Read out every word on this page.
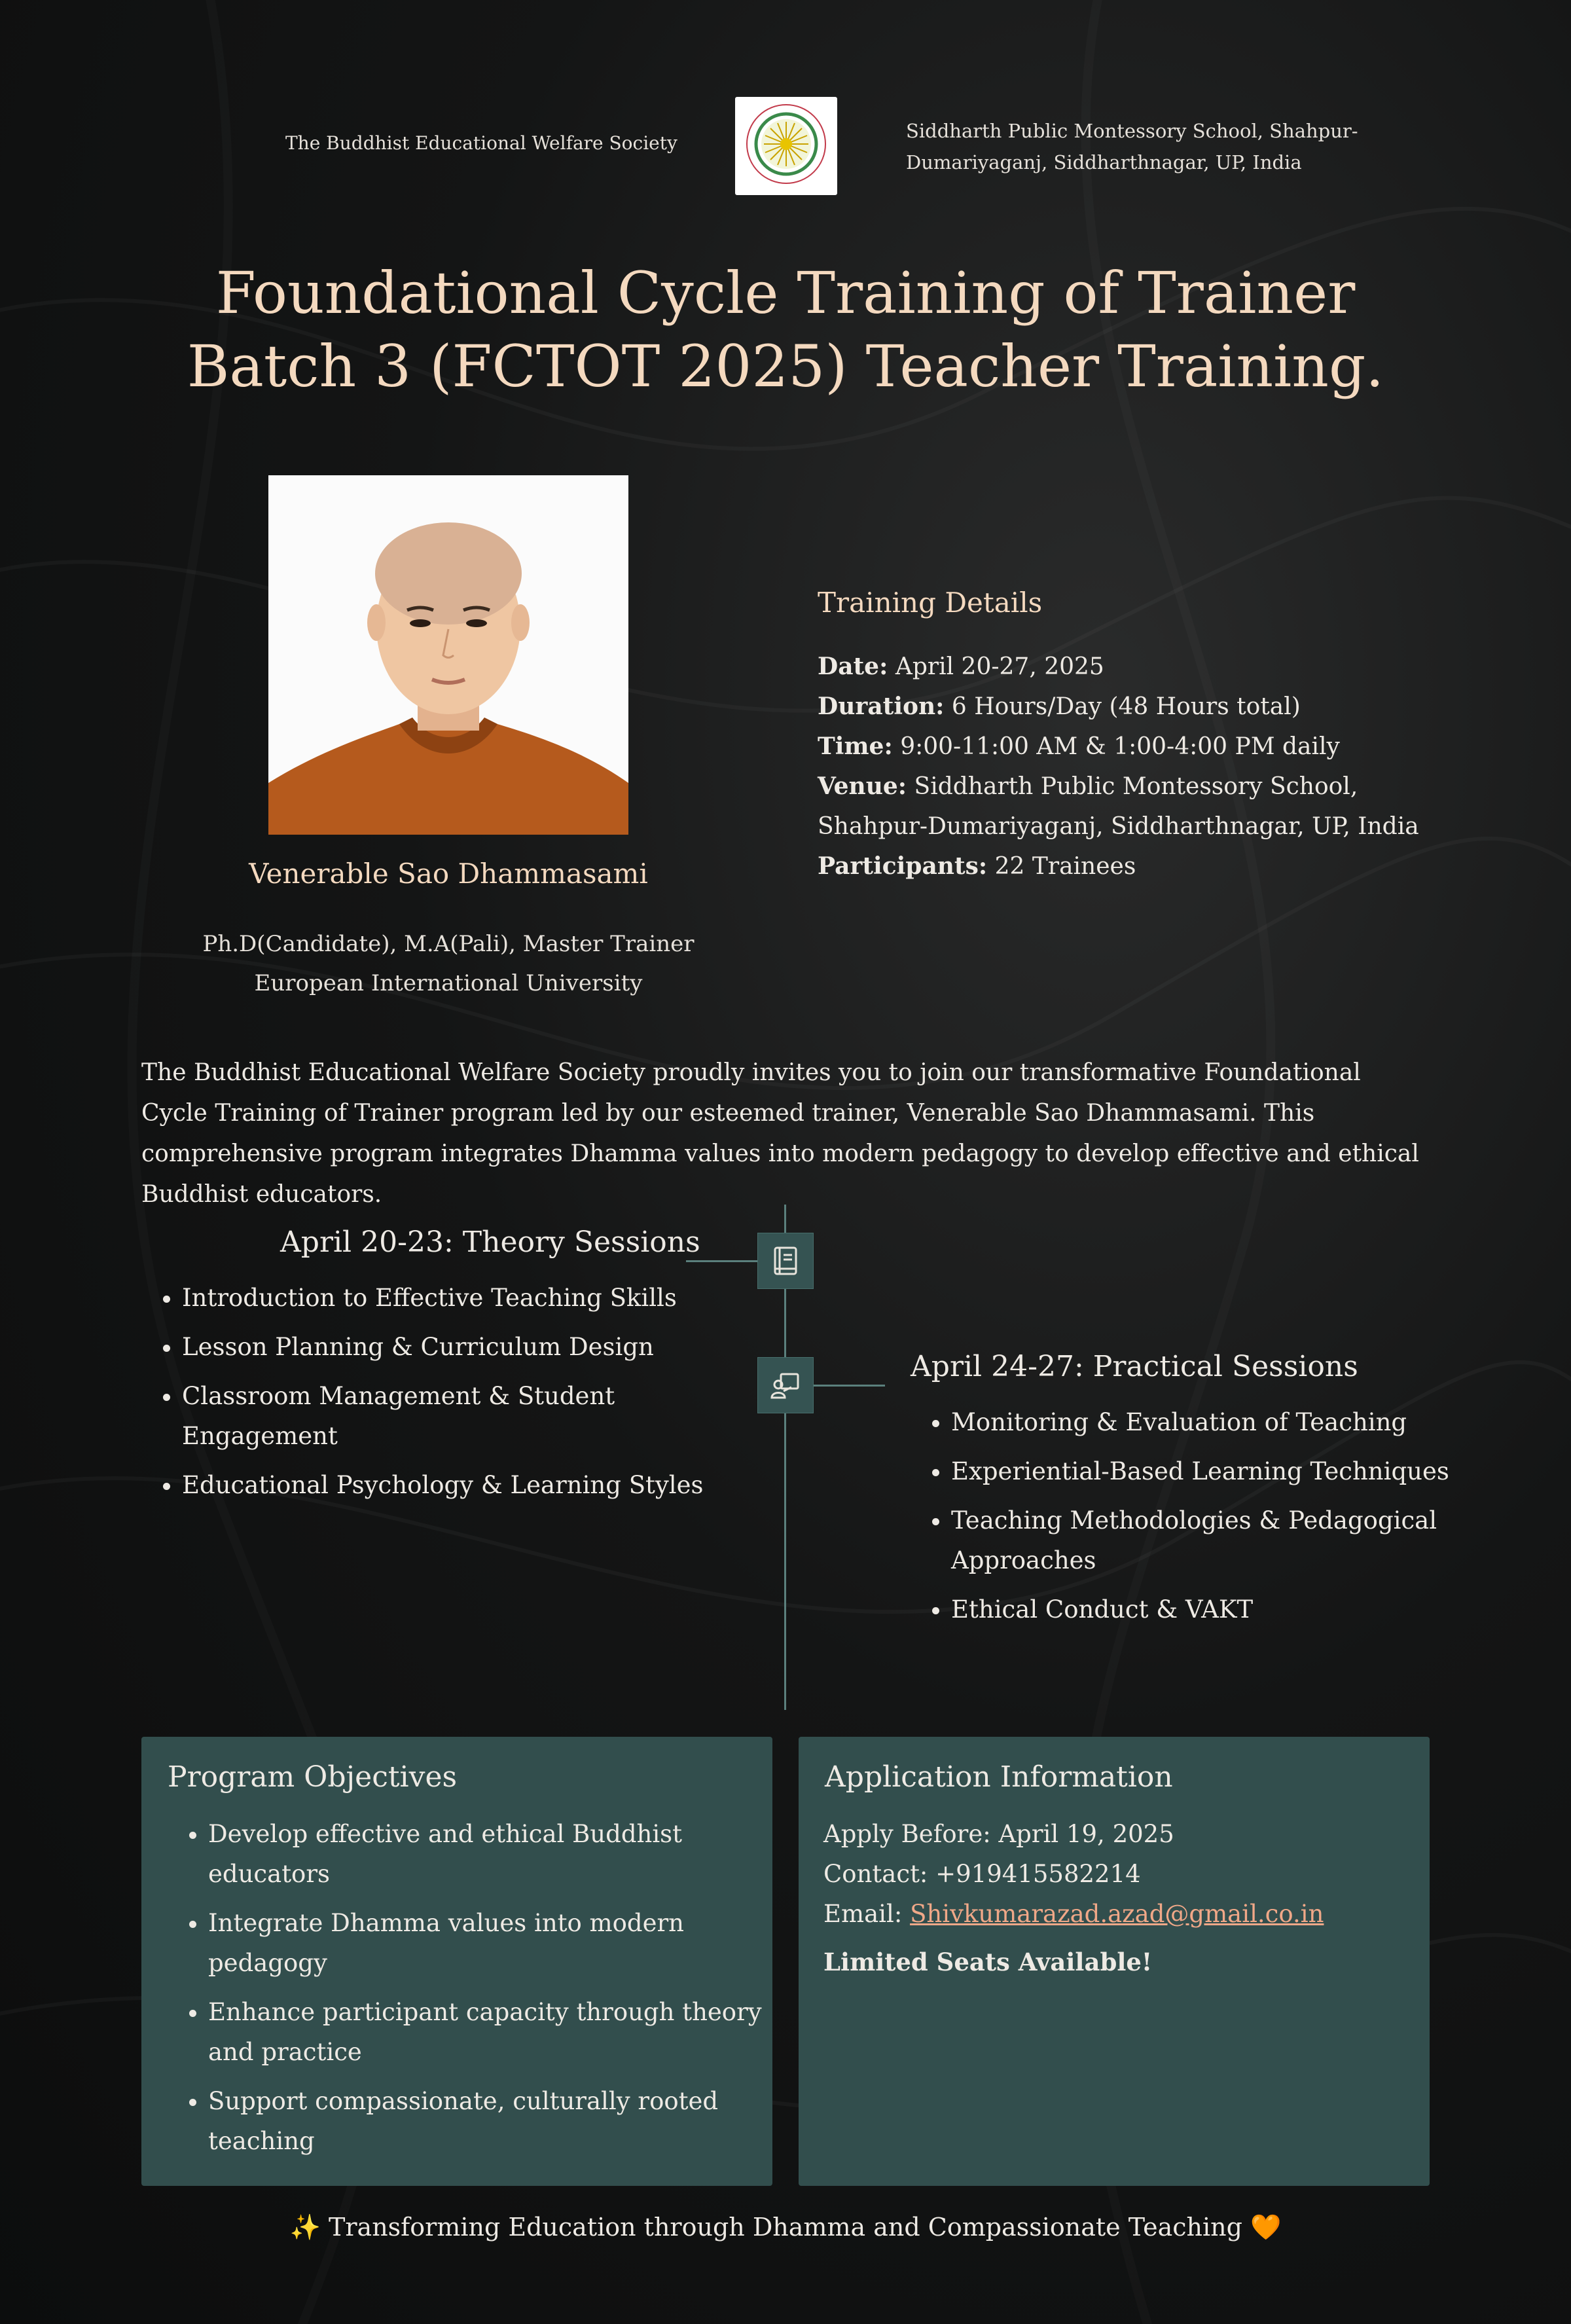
The Buddhist Educational Welfare Society
Siddharth Public Montessory School, Shahpur-Dumariyaganj, Siddharthnagar, UP, India
Foundational Cycle Training of Trainer Batch 3 (FCTOT 2025) Teacher Training.
Venerable Sao Dhammasami
Ph.D(Candidate), M.A(Pali), Master Trainer
European International University
Training Details
Date: April 20-27, 2025
Duration: 6 Hours/Day (48 Hours total)
Time: 9:00-11:00 AM & 1:00-4:00 PM daily
Venue: Siddharth Public Montessory School, Shahpur-Dumariyaganj, Siddharthnagar, UP, India
Participants: 22 Trainees
The Buddhist Educational Welfare Society proudly invites you to join our transformative Foundational Cycle Training of Trainer program led by our esteemed trainer, Venerable Sao Dhammasami. This comprehensive program integrates Dhamma values into modern pedagogy to develop effective and ethical Buddhist educators.
April 20-23: Theory Sessions
• Introduction to Effective Teaching Skills
• Lesson Planning & Curriculum Design
• Classroom Management & Student Engagement
• Educational Psychology & Learning Styles
April 24-27: Practical Sessions
• Monitoring & Evaluation of Teaching
• Experiential-Based Learning Techniques
• Teaching Methodologies & Pedagogical Approaches
• Ethical Conduct & VAKT
Program Objectives
• Develop effective and ethical Buddhist educators
• Integrate Dhamma values into modern pedagogy
• Enhance participant capacity through theory and practice
• Support compassionate, culturally rooted teaching
Application Information
Apply Before: April 19, 2025
Contact: +919415582214
Email: Shivkumarazad.azad@gmail.co.in
Limited Seats Available!
✨ Transforming Education through Dhamma and Compassionate Teaching 🧡
